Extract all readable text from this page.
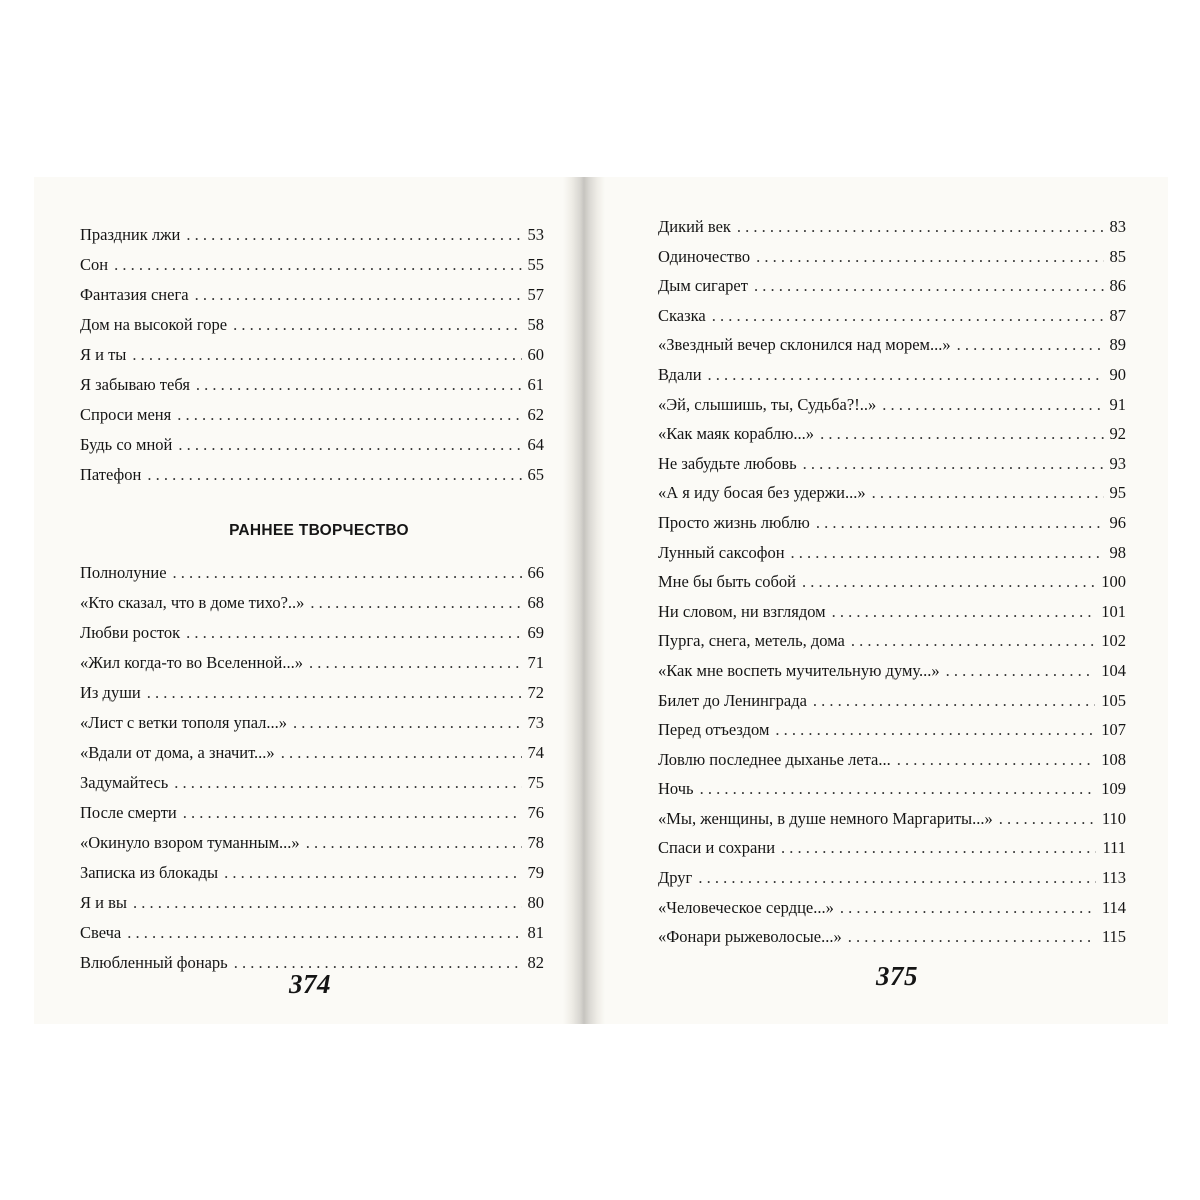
Праздник лжи . . .	53
Сон . . .	55
Фантазия снега . . .	57
Дом на высокой горе . . .	58
Я и ты . . .	60
Я забываю тебя . . .	61
Спроси меня . . .	62
Будь со мной . . .	64
Патефон . . .	65
РАННЕЕ ТВОРЧЕСТВО
Полнолуние . . .	66
«Кто сказал, что в доме тихо?..» . . .	68
Любви росток . . .	69
«Жил когда-то во Вселенной...» . . .	71
Из души . . .	72
«Лист с ветки тополя упал...» . . .	73
«Вдали от дома, а значит...» . . .	74
Задумайтесь . . .	75
После смерти . . .	76
«Окинуло взором туманным...» . . .	78
Записка из блокады . . .	79
Я и вы . . .	80
Свеча . . .	81
Влюбленный фонарь . . .	82
374
Дикий век . . .	83
Одиночество . . .	85
Дым сигарет . . .	86
Сказка . . .	87
«Звездный вечер склонился над морем...» . . .	89
Вдали . . .	90
«Эй, слышишь, ты, Судьба?!..» . . .	91
«Как маяк кораблю...» . . .	92
Не забудьте любовь . . .	93
«А я иду босая без удержи...» . . .	95
Просто жизнь люблю . . .	96
Лунный саксофон . . .	98
Мне бы быть собой . . .	100
Ни словом, ни взглядом . . .	101
Пурга, снега, метель, дома . . .	102
«Как мне воспеть мучительную думу...» . . .	104
Билет до Ленинграда . . .	105
Перед отъездом . . .	107
Ловлю последнее дыханье лета... . . .	108
Ночь . . .	109
«Мы, женщины, в душе немного Маргариты...» . . .	110
Спаси и сохрани . . .	111
Друг . . .	113
«Человеческое сердце...» . . .	114
«Фонари рыжеволосые...» . . .	115
375
